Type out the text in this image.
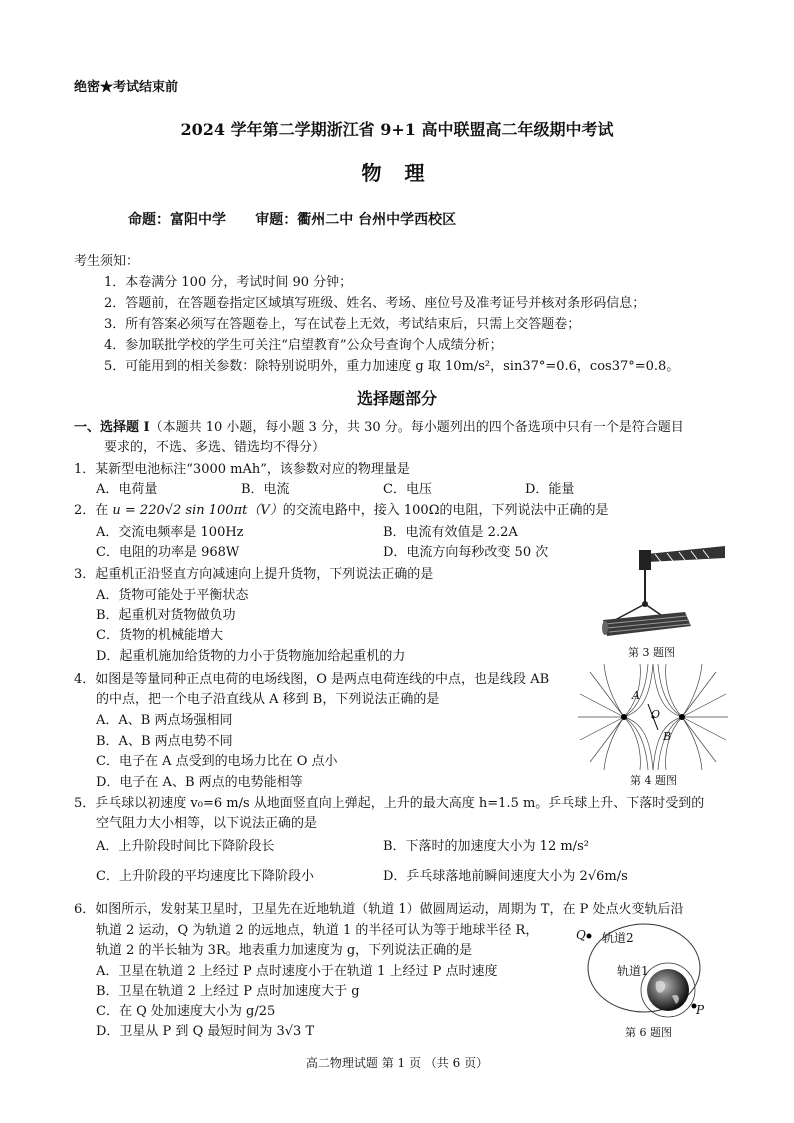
绝密★考试结束前
2024 学年第二学期浙江省 9+1 高中联盟高二年级期中考试
物 理
命题：富阳中学      审题：衢州二中 台州中学西校区
考生须知：
1．本卷满分 100 分，考试时间 90 分钟；
2．答题前，在答题卷指定区域填写班级、姓名、考场、座位号及准考证号并核对条形码信息；
3．所有答案必须写在答题卷上，写在试卷上无效，考试结束后，只需上交答题卷；
4．参加联批学校的学生可关注“启望教育”公众号查询个人成绩分析；
5．可能用到的相关参数：除特别说明外，重力加速度 g 取 10m/s²，sin37°=0.6，cos37°=0.8。
选择题部分
一、选择题 I（本题共 10 小题，每小题 3 分，共 30 分。每小题列出的四个备选项中只有一个是符合题目
要求的，不选、多选、错选均不得分）
1．某新型电池标注“3000 mAh”，该参数对应的物理量是
A．电荷量	B．电流	C．电压	D．能量
2．在 u = 220√2 sin 100πt（V）的交流电路中，接入 100Ω的电阻，下列说法中正确的是
A．交流电频率是 100Hz	B．电流有效值是 2.2A
C．电阻的功率是 968W	D．电流方向每秒改变 50 次
3．起重机正沿竖直方向减速向上提升货物，下列说法正确的是
A．货物可能处于平衡状态
B．起重机对货物做负功
C．货物的机械能增大
D．起重机施加给货物的力小于货物施加给起重机的力	第 3 题图
4．如图是等量同种正点电荷的电场线图，O 是两点电荷连线的中点，也是线段 AB
的中点，把一个电子沿直线从 A 移到 B，下列说法正确的是
A．A、B 两点场强相同
B．A、B 两点电势不同
C．电子在 A 点受到的电场力比在 O 点小
D．电子在 A、B 两点的电势能相等
A
O
B
第 4 题图
5．乒乓球以初速度 v₀=6 m/s 从地面竖直向上弹起，上升的最大高度 h=1.5 m。乒乓球上升、下落时受到的
空气阻力大小相等，以下说法正确的是
A．上升阶段时间比下降阶段长	B．下落时的加速度大小为 12 m/s²
C．上升阶段的平均速度比下降阶段小	D．乒乓球落地前瞬间速度大小为 2√6m/s
6．如图所示，发射某卫星时，卫星先在近地轨道（轨道 1）做圆周运动，周期为 T，在 P 处点火变轨后沿
轨道 2 运动，Q 为轨道 2 的远地点，轨道 1 的半径可认为等于地球半径 R，
轨道 2 的半长轴为 3R。地表重力加速度为 g，下列说法正确的是
A．卫星在轨道 2 上经过 P 点时速度小于在轨道 1 上经过 P 点时速度
B．卫星在轨道 2 上经过 P 点时加速度大于 g
C．在 Q 处加速度大小为 g/25
D．卫星从 P 到 Q 最短时间为 3√3 T
Q 轨道2
轨道1
P
第 6 题图
高二物理试题 第 1 页 （共 6 页）
